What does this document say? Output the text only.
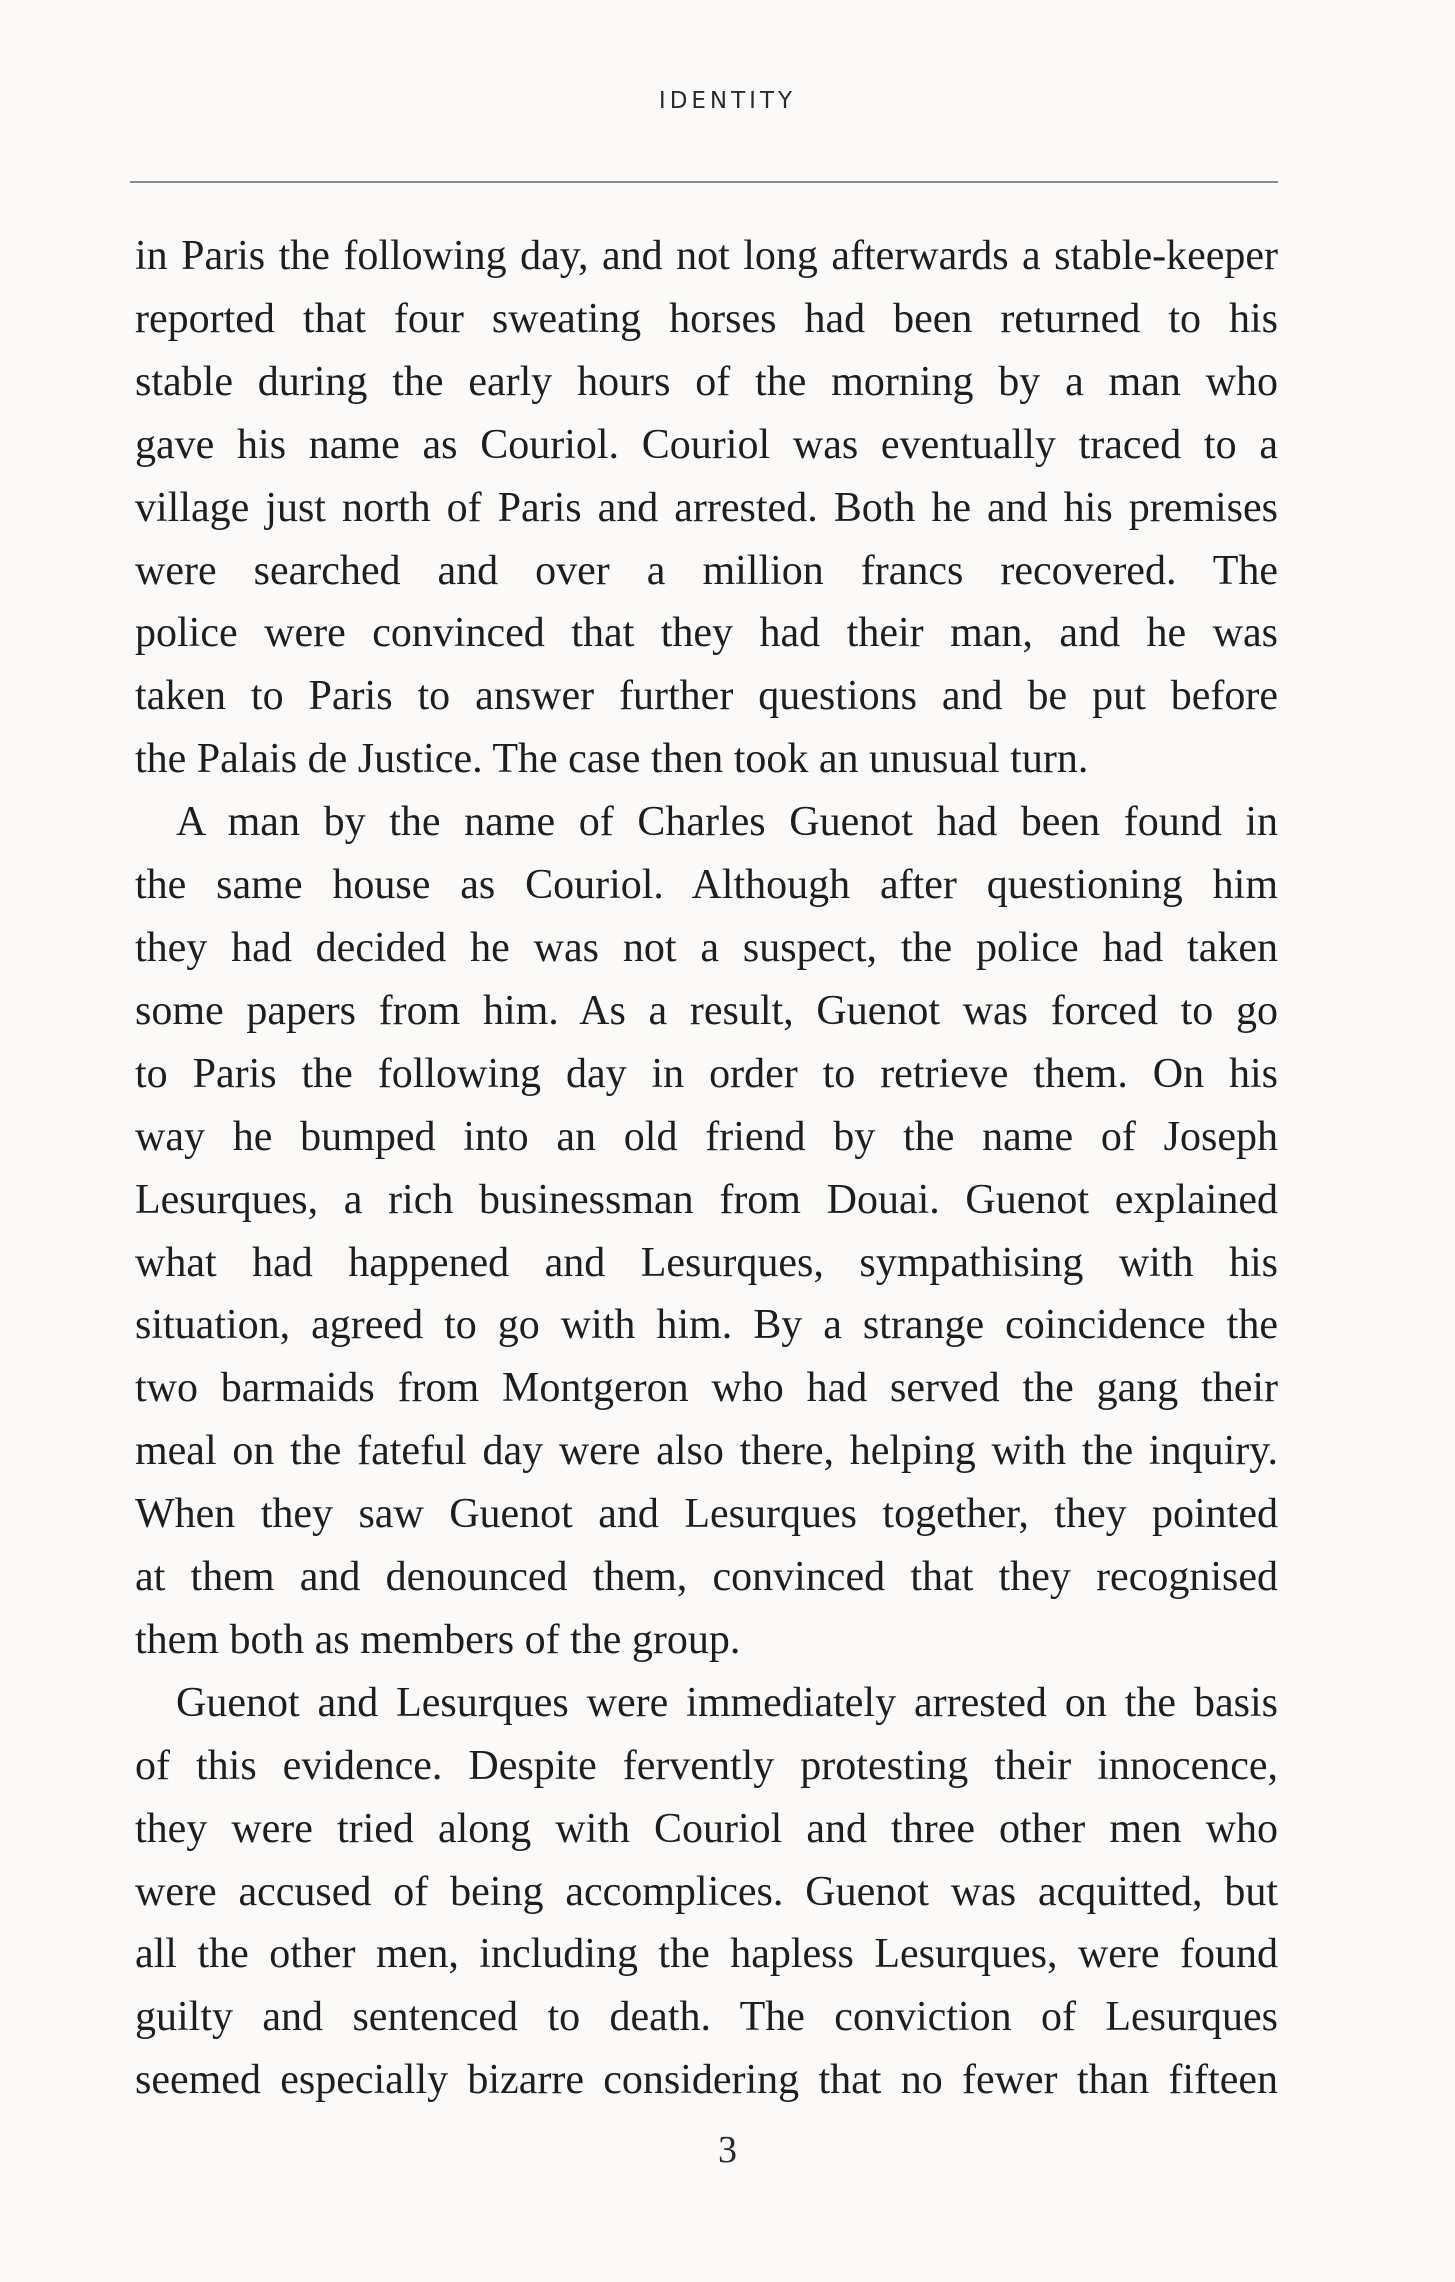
IDENTITY
in Paris the following day, and not long afterwards a stable-keeper
reported that four sweating horses had been returned to his
stable during the early hours of the morning by a man who
gave his name as Couriol. Couriol was eventually traced to a
village just north of Paris and arrested. Both he and his premises
were searched and over a million francs recovered. The
police were convinced that they had their man, and he was
taken to Paris to answer further questions and be put before
the Palais de Justice. The case then took an unusual turn.
A man by the name of Charles Guenot had been found in
the same house as Couriol. Although after questioning him
they had decided he was not a suspect, the police had taken
some papers from him. As a result, Guenot was forced to go
to Paris the following day in order to retrieve them. On his
way he bumped into an old friend by the name of Joseph
Lesurques, a rich businessman from Douai. Guenot explained
what had happened and Lesurques, sympathising with his
situation, agreed to go with him. By a strange coincidence the
two barmaids from Montgeron who had served the gang their
meal on the fateful day were also there, helping with the inquiry.
When they saw Guenot and Lesurques together, they pointed
at them and denounced them, convinced that they recognised
them both as members of the group.
Guenot and Lesurques were immediately arrested on the basis
of this evidence. Despite fervently protesting their innocence,
they were tried along with Couriol and three other men who
were accused of being accomplices. Guenot was acquitted, but
all the other men, including the hapless Lesurques, were found
guilty and sentenced to death. The conviction of Lesurques
seemed especially bizarre considering that no fewer than fifteen
3
